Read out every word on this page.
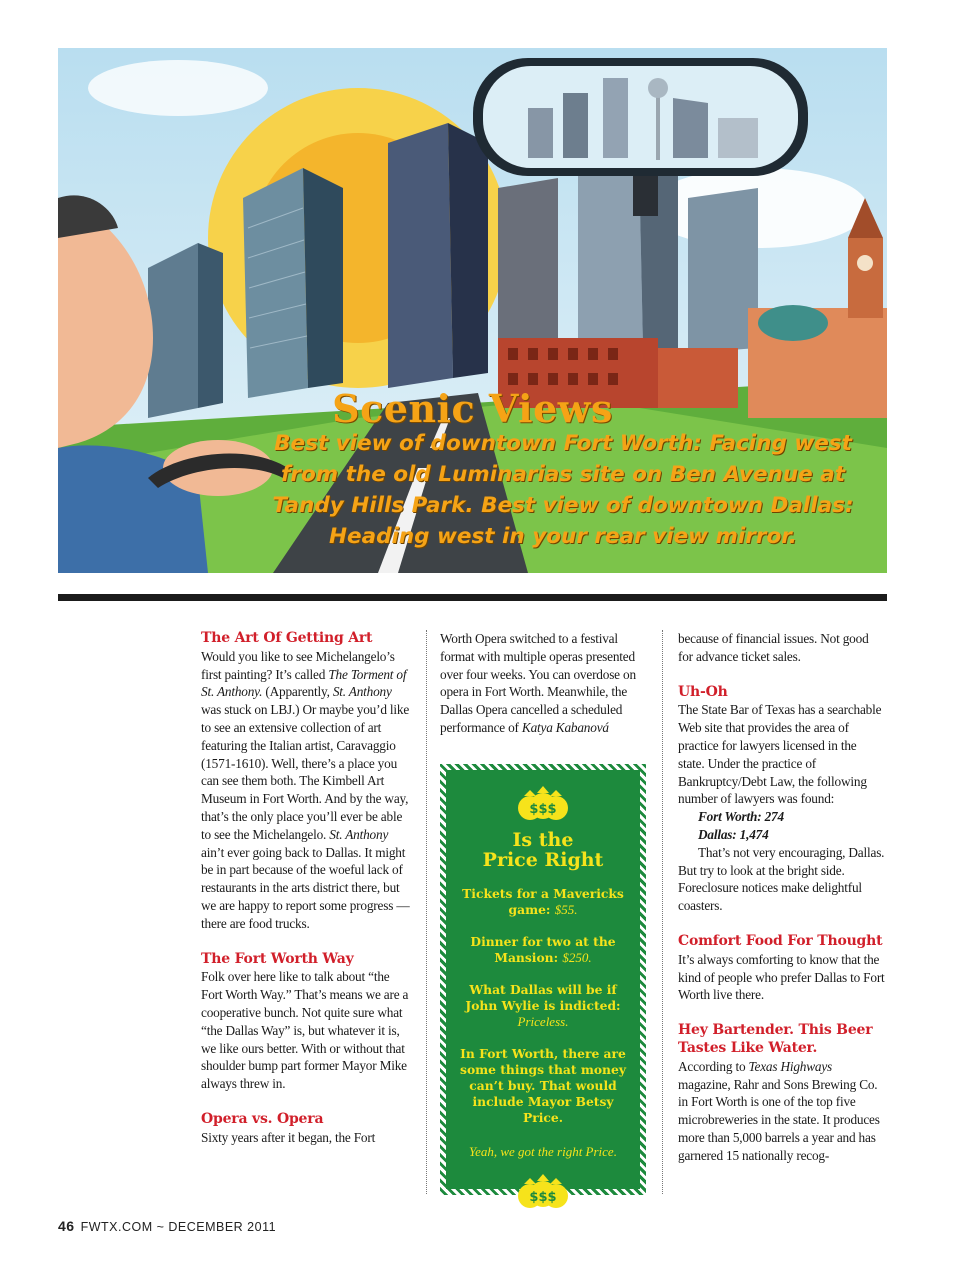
Scenic Views
Best view of downtown Fort Worth: Facing west from the old Luminarias site on Ben Avenue at Tandy Hills Park. Best view of downtown Dallas: Heading west in your rear view mirror.
The Art Of Getting Art

Would you like to see Michelangelo’s first painting? It’s called The Torment of St. Anthony. (Apparently, St. Anthony was stuck on LBJ.) Or maybe you’d like to see an extensive collection of art featuring the Italian artist, Caravaggio (1571-1610). Well, there’s a place you can see them both. The Kimbell Art Museum in Fort Worth. And by the way, that’s the only place you’ll ever be able to see the Michelangelo. St. Anthony ain’t ever going back to Dallas. It might be in part because of the woeful lack of restaurants in the arts district there, but we are happy to report some progress — there are food trucks.

The Fort Worth Way

Folk over here like to talk about “the Fort Worth Way.” That’s means we are a cooperative bunch. Not quite sure what “the Dallas Way” is, but whatever it is, we like ours better. With or without that shoulder bump part former Mayor Mike always threw in.

Opera vs. Opera

Sixty years after it began, the Fort

Worth Opera switched to a festival format with multiple operas presented over four weeks. You can overdose on opera in Fort Worth. Meanwhile, the Dallas Opera cancelled a scheduled performance of Katya Kabanová

$$$
Is the
Price Right
Tickets for a Mavericks game: $55.
Dinner for two at the Mansion: $250.
What Dallas will be if John Wylie is indicted:
Priceless.
In Fort Worth, there are some things that money can’t buy. That would include Mayor Betsy Price.
Yeah, we got the right Price.
$$$

because of financial issues. Not good for advance ticket sales.

Uh-Oh

The State Bar of Texas has a searchable Web site that provides the area of practice for lawyers licensed in the state. Under the practice of Bankruptcy/Debt Law, the following number of lawyers was found:

Fort Worth: 274

Dallas: 1,474

That’s not very encouraging, Dallas. But try to look at the bright side. Foreclosure notices make delightful coasters.

Comfort Food For Thought

It’s always comforting to know that the kind of people who prefer Dallas to Fort Worth live there.

Hey Bartender. This Beer Tastes Like Water.

According to Texas Highways magazine, Rahr and Sons Brewing Co. in Fort Worth is one of the top five microbreweries in the state. It produces more than 5,000 barrels a year and has garnered 15 nationally recog-

46 FWTX.COM ~ DECEMBER 2011
